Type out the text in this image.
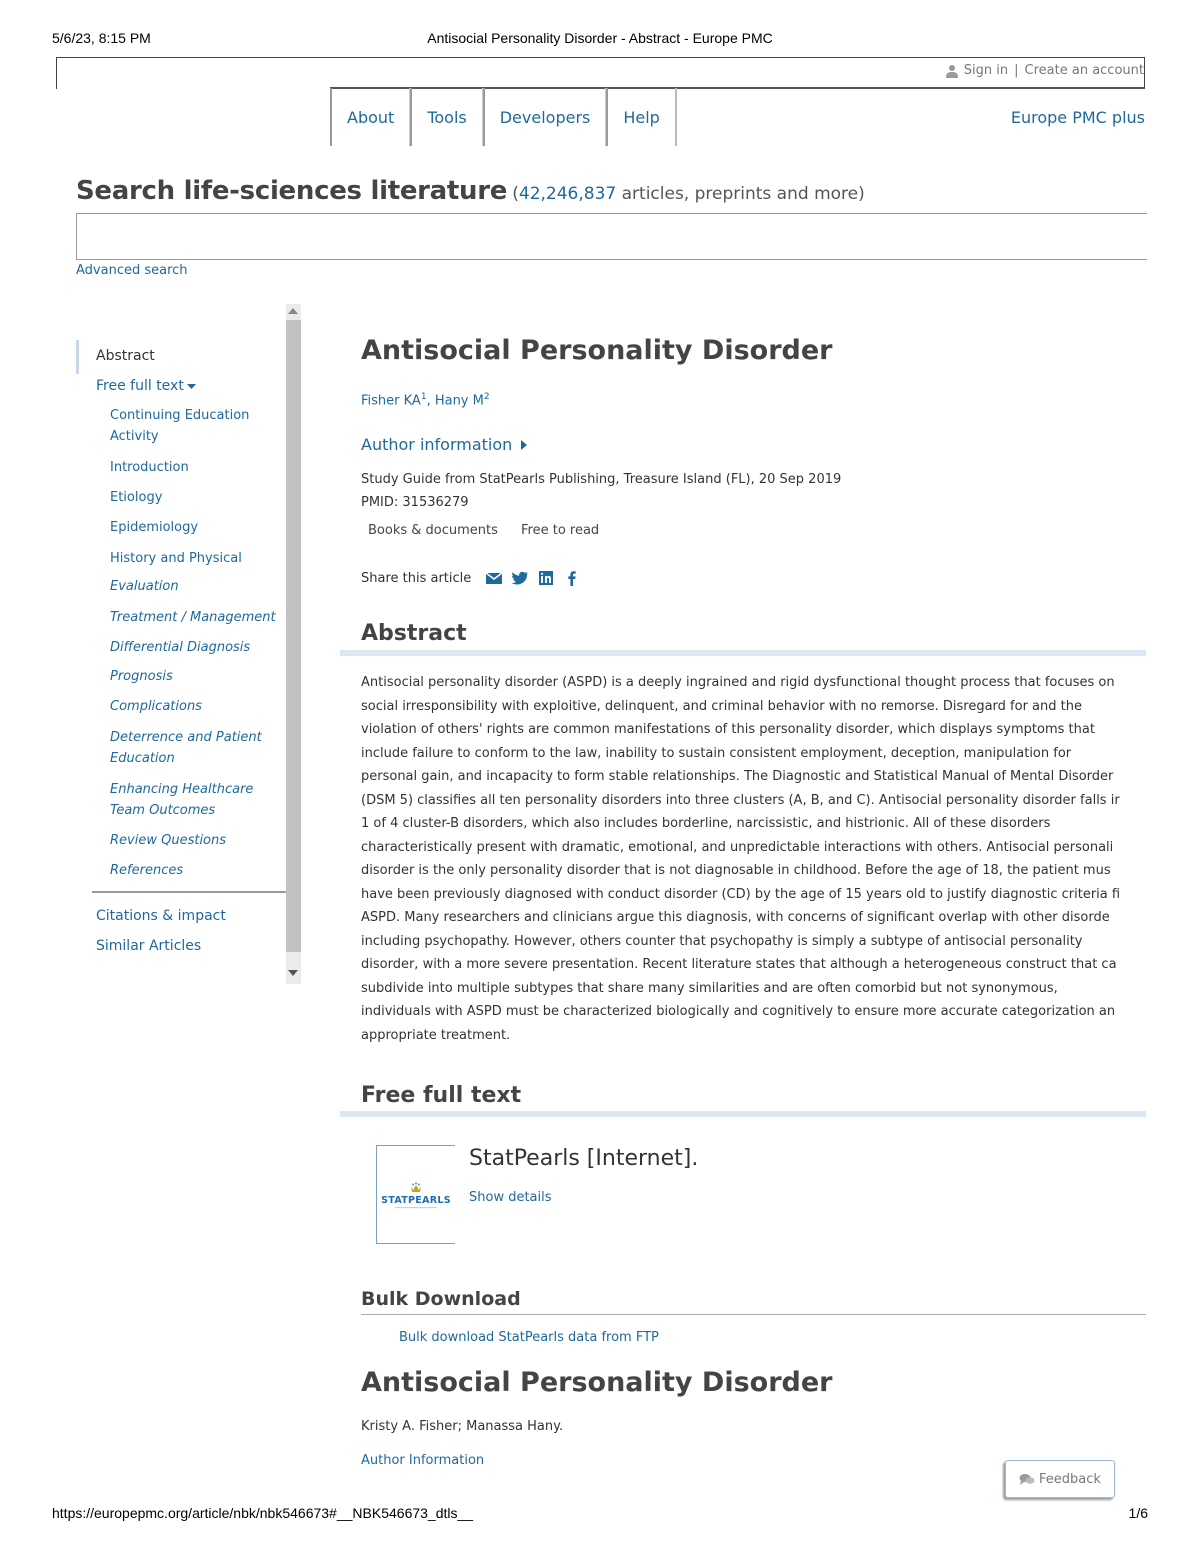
5/6/23, 8:15 PM	Antisocial Personality Disorder - Abstract - Europe PMC
Sign in | Create an account
About	Tools	Developers	Help	Europe PMC plus
Search life-sciences literature (42,246,837 articles, preprints and more)
Advanced search
Abstract
Free full text
Continuing Education Activity
Introduction
Etiology
Epidemiology
History and Physical
Evaluation
Treatment / Management
Differential Diagnosis
Prognosis
Complications
Deterrence and Patient Education
Enhancing Healthcare Team Outcomes
Review Questions
References
Citations & impact
Similar Articles
Antisocial Personality Disorder
Fisher $KA^1$, Hany $M^2$
Author information
Study Guide from StatPearls Publishing, Treasure Island (FL), 20 Sep 2019
PMID: 31536279
Books & documents Free to read
Share this article
Abstract
Antisocial personality disorder (ASPD) is a deeply ingrained and rigid dysfunctional thought process that focuses on
social irresponsibility with exploitive, delinquent, and criminal behavior with no remorse. Disregard for and the
violation of others' rights are common manifestations of this personality disorder, which displays symptoms that
include failure to conform to the law, inability to sustain consistent employment, deception, manipulation for
personal gain, and incapacity to form stable relationships. The Diagnostic and Statistical Manual of Mental Disorder
(DSM 5) classifies all ten personality disorders into three clusters (A, B, and C). Antisocial personality disorder falls ir
1 of 4 cluster-B disorders, which also includes borderline, narcissistic, and histrionic. All of these disorders
characteristically present with dramatic, emotional, and unpredictable interactions with others. Antisocial personali
disorder is the only personality disorder that is not diagnosable in childhood. Before the age of 18, the patient mus
have been previously diagnosed with conduct disorder (CD) by the age of 15 years old to justify diagnostic criteria fi
ASPD. Many researchers and clinicians argue this diagnosis, with concerns of significant overlap with other disorde
including psychopathy. However, others counter that psychopathy is simply a subtype of antisocial personality
disorder, with a more severe presentation. Recent literature states that although a heterogeneous construct that ca
subdivide into multiple subtypes that share many similarities and are often comorbid but not synonymous,
individuals with ASPD must be characterized biologically and cognitively to ensure more accurate categorization an
appropriate treatment.
Free full text
STATPEARLS
StatPearls [Internet].
Show details
Bulk Download
Bulk download StatPearls data from FTP
Antisocial Personality Disorder
Kristy A. Fisher; Manassa Hany.
Author Information
Feedback
https://europepmc.org/article/nbk/nbk546673#__NBK546673_dtls__	1/6
